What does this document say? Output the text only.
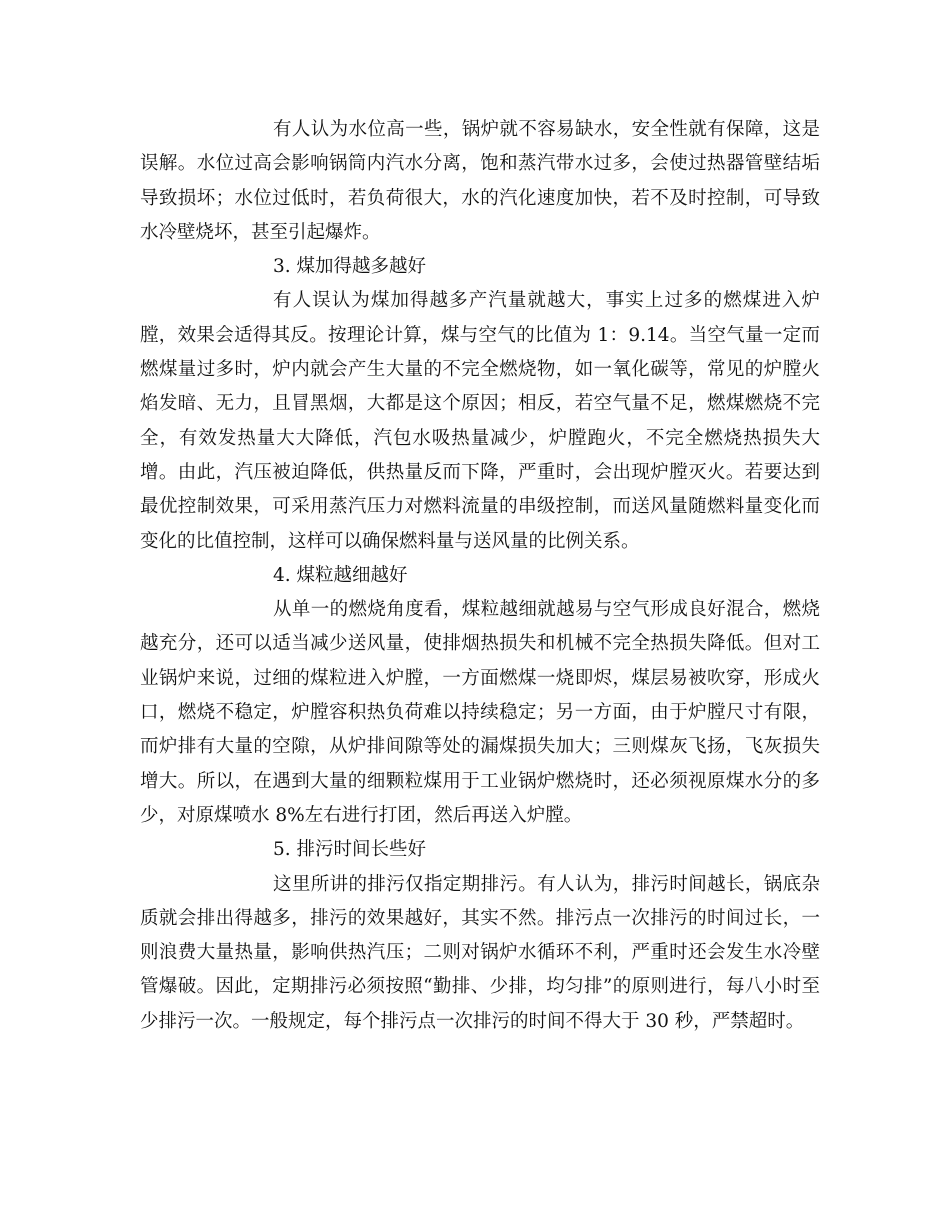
有人认为水位高一些，锅炉就不容易缺水，安全性就有保障，这是误解。水位过高会影响锅筒内汽水分离，饱和蒸汽带水过多，会使过热器管壁结垢导致损坏；水位过低时，若负荷很大，水的汽化速度加快，若不及时控制，可导致水冷壁烧坏，甚至引起爆炸。

3. 煤加得越多越好

有人误认为煤加得越多产汽量就越大，事实上过多的燃煤进入炉膛，效果会适得其反。按理论计算，煤与空气的比值为 1：9.14。当空气量一定而燃煤量过多时，炉内就会产生大量的不完全燃烧物，如一氧化碳等，常见的炉膛火焰发暗、无力，且冒黑烟，大都是这个原因；相反，若空气量不足，燃煤燃烧不完全，有效发热量大大降低，汽包水吸热量减少，炉膛跑火，不完全燃烧热损失大增。由此，汽压被迫降低，供热量反而下降，严重时，会出现炉膛灭火。若要达到最优控制效果，可采用蒸汽压力对燃料流量的串级控制，而送风量随燃料量变化而变化的比值控制，这样可以确保燃料量与送风量的比例关系。

4. 煤粒越细越好

从单一的燃烧角度看，煤粒越细就越易与空气形成良好混合，燃烧越充分，还可以适当减少送风量，使排烟热损失和机械不完全热损失降低。但对工业锅炉来说，过细的煤粒进入炉膛，一方面燃煤一烧即烬，煤层易被吹穿，形成火口，燃烧不稳定，炉膛容积热负荷难以持续稳定；另一方面，由于炉膛尺寸有限，而炉排有大量的空隙，从炉排间隙等处的漏煤损失加大；三则煤灰飞扬，飞灰损失增大。所以，在遇到大量的细颗粒煤用于工业锅炉燃烧时，还必须视原煤水分的多少，对原煤喷水 8%左右进行打团，然后再送入炉膛。

5. 排污时间长些好

这里所讲的排污仅指定期排污。有人认为，排污时间越长，锅底杂质就会排出得越多，排污的效果越好，其实不然。排污点一次排污的时间过长，一则浪费大量热量，影响供热汽压；二则对锅炉水循环不利，严重时还会发生水冷壁管爆破。因此，定期排污必须按照“勤排、少排，均匀排”的原则进行，每八小时至少排污一次。一般规定，每个排污点一次排污的时间不得大于 30 秒，严禁超时。
